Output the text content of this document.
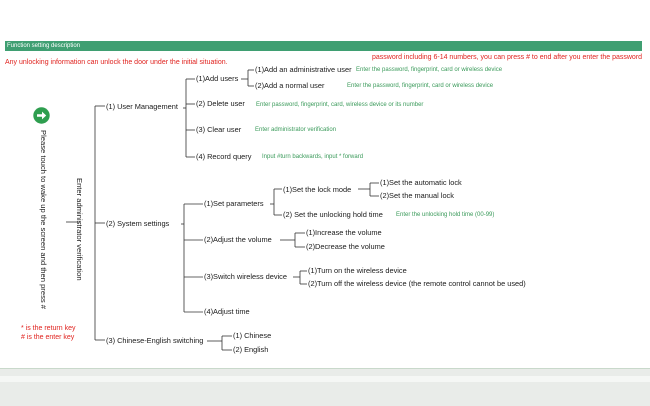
Function setting description
Any unlocking information can unlock the door under the initial situation.
password including 6-14 numbers, you can press # to end after you enter the password
Please touch to wake up the screen and then press #	Enter administrator verification
* is the return key
# is the enter key
(1) User Management
(2) System settings
(3) Chinese-English switching
(1)Add users
(1)Add an administrative user Enter the password, fingerprint, card or wireless device
(2)Add a normal user	Enter the password, fingerprint, card or wireless device
(2) Delete user Enter password, fingerprint, card, wireless device or its number
(3) Clear user Enter administrator verification
(4) Record query Input #turn backwards, input * forward
(1)Set parameters
(1)Set the lock mode
(1)Set the automatic lock
(2)Set the manual lock
(2) Set the unlocking hold time Enter the unlocking hold time (00-99)
(2)Adjust the volume
(1)Increase the volume
(2)Decrease the volume
(3)Switch wireless device
(1)Turn on the wireless device
(2)Turn off the wireless device (the remote control cannot be used)
(4)Adjust time
(1) Chinese
(2) English
